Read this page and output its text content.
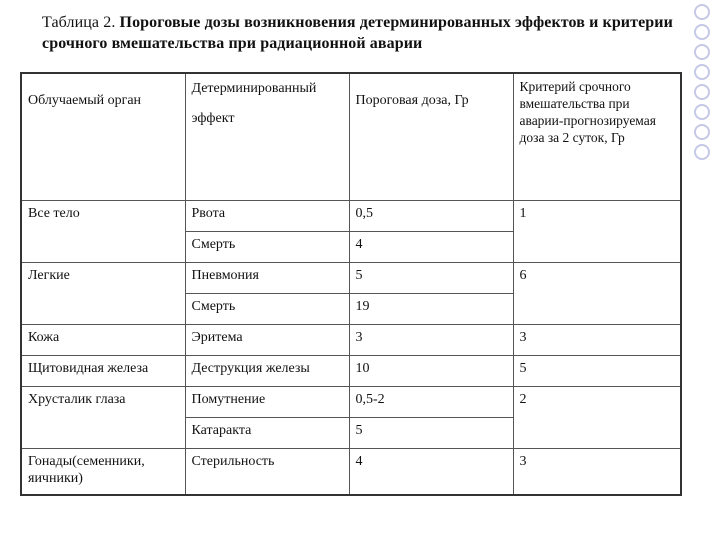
Таблица 2. Пороговые дозы возникновения детерминированных эффектов и критерии срочного вмешательства при радиационной аварии
Облучаемый орган	Детерминированный эффект	Пороговая доза, Гр	Критерий срочного вмешательства при аварии-прогнозируемая доза за 2 суток, Гр
Все тело	Рвота	0,5	1
	Смерть	4	
Легкие	Пневмония	5	6
	Смерть	19	
Кожа	Эритема	3	3
Щитовидная железа	Деструкция железы	10	5
Хрусталик глаза	Помутнение	0,5-2	2
	Катаракта	5	
Гонады(семенники, яичники)	Стерильность	4	3
